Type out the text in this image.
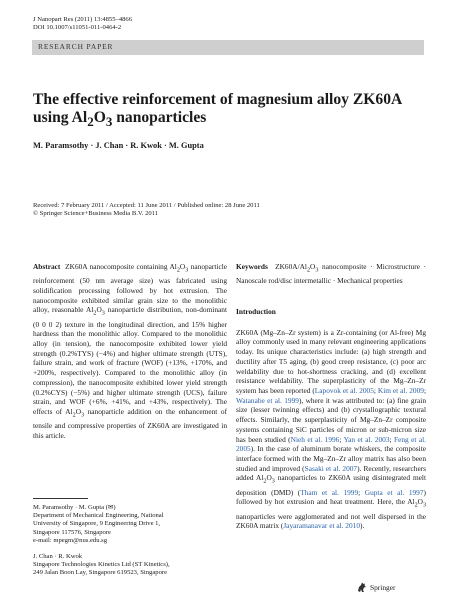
J Nanopart Res (2011) 13:4855–4866
DOI 10.1007/s11051-011-0464-2
RESEARCH PAPER
The effective reinforcement of magnesium alloy ZK60A using $Al_2O_3$ nanoparticles
M. Paramsothy · J. Chan · R. Kwok · M. Gupta
Received: 7 February 2011 / Accepted: 11 June 2011 / Published online: 28 June 2011
© Springer Science+Business Media B.V. 2011

Abstract ZK60A nanocomposite containing $Al_2O_3$ nanoparticle reinforcement (50 nm average size) was fabricated using solidification processing followed by hot extrusion. The nanocomposite exhibited similar grain size to the monolithic alloy, reasonable $Al_2O_3$ nanoparticle distribution, non-dominant (0 0 0 2) texture in the longitudinal direction, and 15% higher hardness than the monolithic alloy. Compared to the monolithic alloy (in tension), the nanocomposite exhibited lower yield strength (0.2%TYS) (−4%) and higher ultimate strength (UTS), failure strain, and work of fracture (WOF) (+13%, +170%, and +200%, respectively). Compared to the monolithic alloy (in compression), the nanocomposite exhibited lower yield strength (0.2%CYS) (−5%) and higher ultimate strength (UCS), failure strain, and WOF (+6%, +41%, and +43%, respectively). The effects of $Al_2O_3$ nanoparticle addition on the enhancement of tensile and compressive properties of ZK60A are investigated in this article.

M. Paramsothy · M. Gupta (✉)

Department of Mechanical Engineering, National

University of Singapore, 9 Engineering Drive 1,

Singapore 117576, Singapore

e-mail: mpegm@nus.edu.sg

J. Chan · R. Kwok

Singapore Technologies Kinetics Ltd (ST Kinetics),

249 Jalan Boon Lay, Singapore 619523, Singapore

Keywords $ZK60A/Al_2O_3$ nanocomposite · Microstructure · Nanoscale rod/disc intermetallic · Mechanical properties

Introduction

ZK60A (Mg–Zn–Zr system) is a Zr-containing (or Al-free) Mg alloy commonly used in many relevant engineering applications today. Its unique characteristics include: (a) high strength and ductility after T5 aging, (b) good creep resistance, (c) poor arc weldability due to hot-shortness cracking, and (d) excellent resistance weldability. The superplasticity of the Mg–Zn–Zr system has been reported (Lapovok et al. 2005; Kim et al. 2009; Watanabe et al. 1999), where it was attributed to: (a) fine grain size (lesser twinning effects) and (b) crystallographic textural effects. Similarly, the superplasticity of Mg–Zn–Zr composite systems containing SiC particles of micron or sub-micron size has been studied (Nieh et al. 1996; Yan et al. 2003; Feng et al. 2005). In the case of aluminum borate whiskers, the composite interface formed with the Mg–Zn–Zr alloy matrix has also been studied and improved (Sasaki et al. 2007). Recently, researchers added $Al_2O_3$ nanoparticles to ZK60A using disintegrated melt deposition (DMD) (Tham et al. 1999; Gupta et al. 1997) followed by hot extrusion and heat treatment. Here, the $Al_2O_3$ nanoparticles were agglomerated and not well dispersed in the ZK60A matrix (Jayaramanavar et al. 2010).

Springer
